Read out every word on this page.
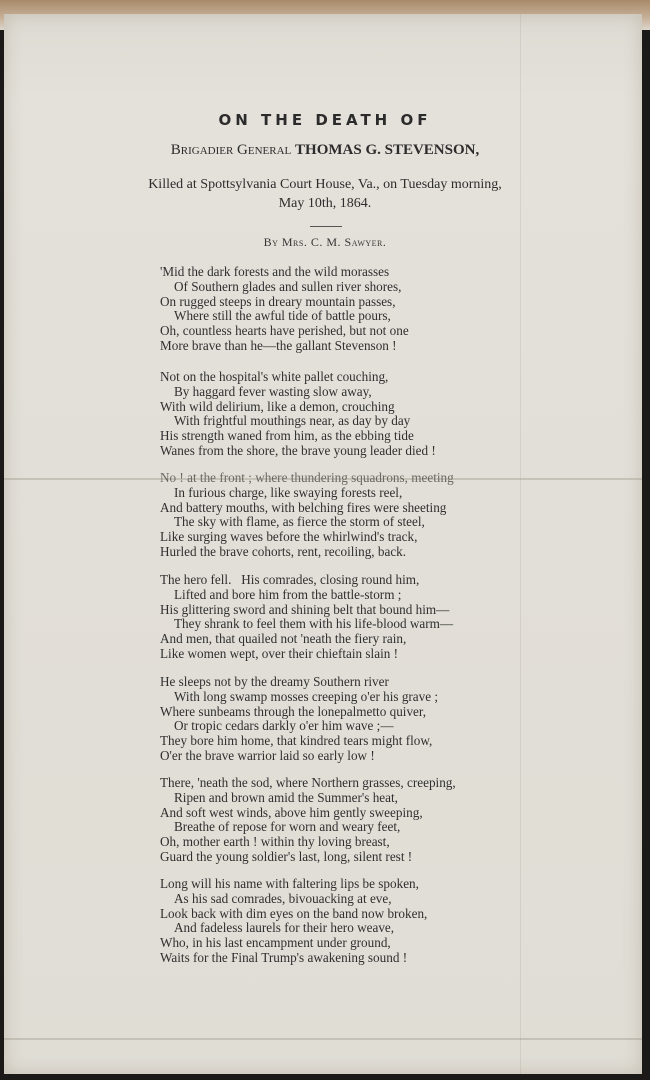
ON THE DEATH OF
Brigadier General THOMAS G. STEVENSON,
Killed at Spottsylvania Court House, Va., on Tuesday morning,
May 10th, 1864.
By Mrs. C. M. Sawyer.
'Mid the dark forests and the wild morasses
Of Southern glades and sullen river shores,
On rugged steeps in dreary mountain passes,
Where still the awful tide of battle pours,
Oh, countless hearts have perished, but not one
More brave than he—the gallant Stevenson !
Not on the hospital's white pallet couching,
By haggard fever wasting slow away,
With wild delirium, like a demon, crouching
With frightful mouthings near, as day by day
His strength waned from him, as the ebbing tide
Wanes from the shore, the brave young leader died !
No ! at the front ; where thundering squadrons, meeting
In furious charge, like swaying forests reel,
And battery mouths, with belching fires were sheeting
The sky with flame, as fierce the storm of steel,
Like surging waves before the whirlwind's track,
Hurled the brave cohorts, rent, recoiling, back.
The hero fell.   His comrades, closing round him,
Lifted and bore him from the battle-storm ;
His glittering sword and shining belt that bound him—
They shrank to feel them with his life-blood warm—
And men, that quailed not 'neath the fiery rain,
Like women wept, over their chieftain slain !
He sleeps not by the dreamy Southern river
With long swamp mosses creeping o'er his grave ;
Where sunbeams through the lonepalmetto quiver,
Or tropic cedars darkly o'er him wave ;—
They bore him home, that kindred tears might flow,
O'er the brave warrior laid so early low !
There, 'neath the sod, where Northern grasses, creeping,
Ripen and brown amid the Summer's heat,
And soft west winds, above him gently sweeping,
Breathe of repose for worn and weary feet,
Oh, mother earth ! within thy loving breast,
Guard the young soldier's last, long, silent rest !
Long will his name with faltering lips be spoken,
As his sad comrades, bivouacking at eve,
Look back with dim eyes on the band now broken,
And fadeless laurels for their hero weave,
Who, in his last encampment under ground,
Waits for the Final Trump's awakening sound !
